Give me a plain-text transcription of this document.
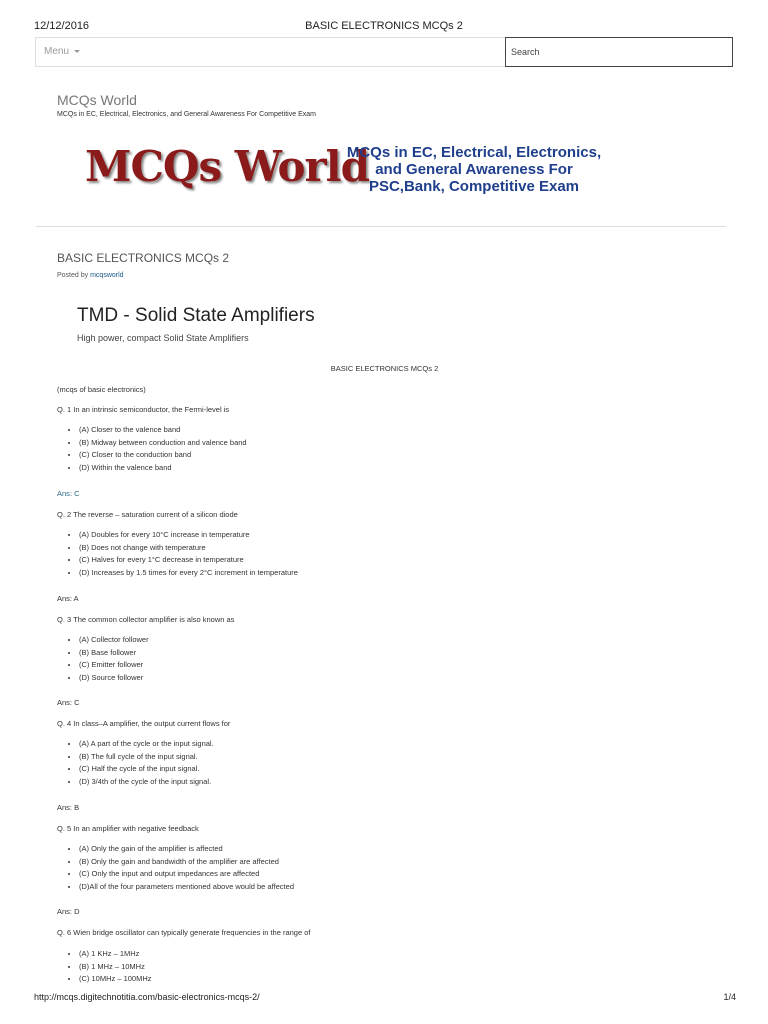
12/12/2016	BASIC ELECTRONICS MCQs 2
Menu	Search
MCQs World
MCQs in EC, Electrical, Electronics, and General Awareness For Competitive Exam
MCQs World
MCQs in EC, Electrical, Electronics,
and General Awareness For
PSC,Bank, Competitive Exam
BASIC ELECTRONICS MCQs 2
Posted by mcqsworld
TMD - Solid State Amplifiers
High power, compact Solid State Amplifiers
BASIC ELECTRONICS MCQs 2
(mcqs of basic electronics)
Q. 1 In an intrinsic semiconductor, the Fermi-level is
• (A) Closer to the valence band
• (B) Midway between conduction and valence band
• (C) Closer to the conduction band
• (D) Within the valence band
Ans: C
Q. 2 The reverse – saturation current of a silicon diode
• (A) Doubles for every 10°C increase in temperature
• (B) Does not change with temperature
• (C) Halves for every 1°C decrease in temperature
• (D) Increases by 1.5 times for every 2°C increment in temperature
Ans: A
Q. 3 The common collector amplifier is also known as
• (A) Collector follower
• (B) Base follower
• (C) Emitter follower
• (D) Source follower
Ans: C
Q. 4 In class–A amplifier, the output current flows for
• (A) A part of the cycle or the input signal.
• (B) The full cycle of the input signal.
• (C) Half the cycle of the input signal.
• (D) 3/4th of the cycle of the input signal.
Ans: B
Q. 5 In an amplifier with negative feedback
• (A) Only the gain of the amplifier is affected
• (B) Only the gain and bandwidth of the amplifier are affected
• (C) Only the input and output impedances are affected
• (D)All of the four parameters mentioned above would be affected
Ans: D
Q. 6 Wien bridge oscillator can typically generate frequencies in the range of
• (A) 1 KHz – 1MHz
• (B) 1 MHz – 10MHz
• (C) 10MHz – 100MHz
http://mcqs.digitechnotitia.com/basic-electronics-mcqs-2/	1/4
